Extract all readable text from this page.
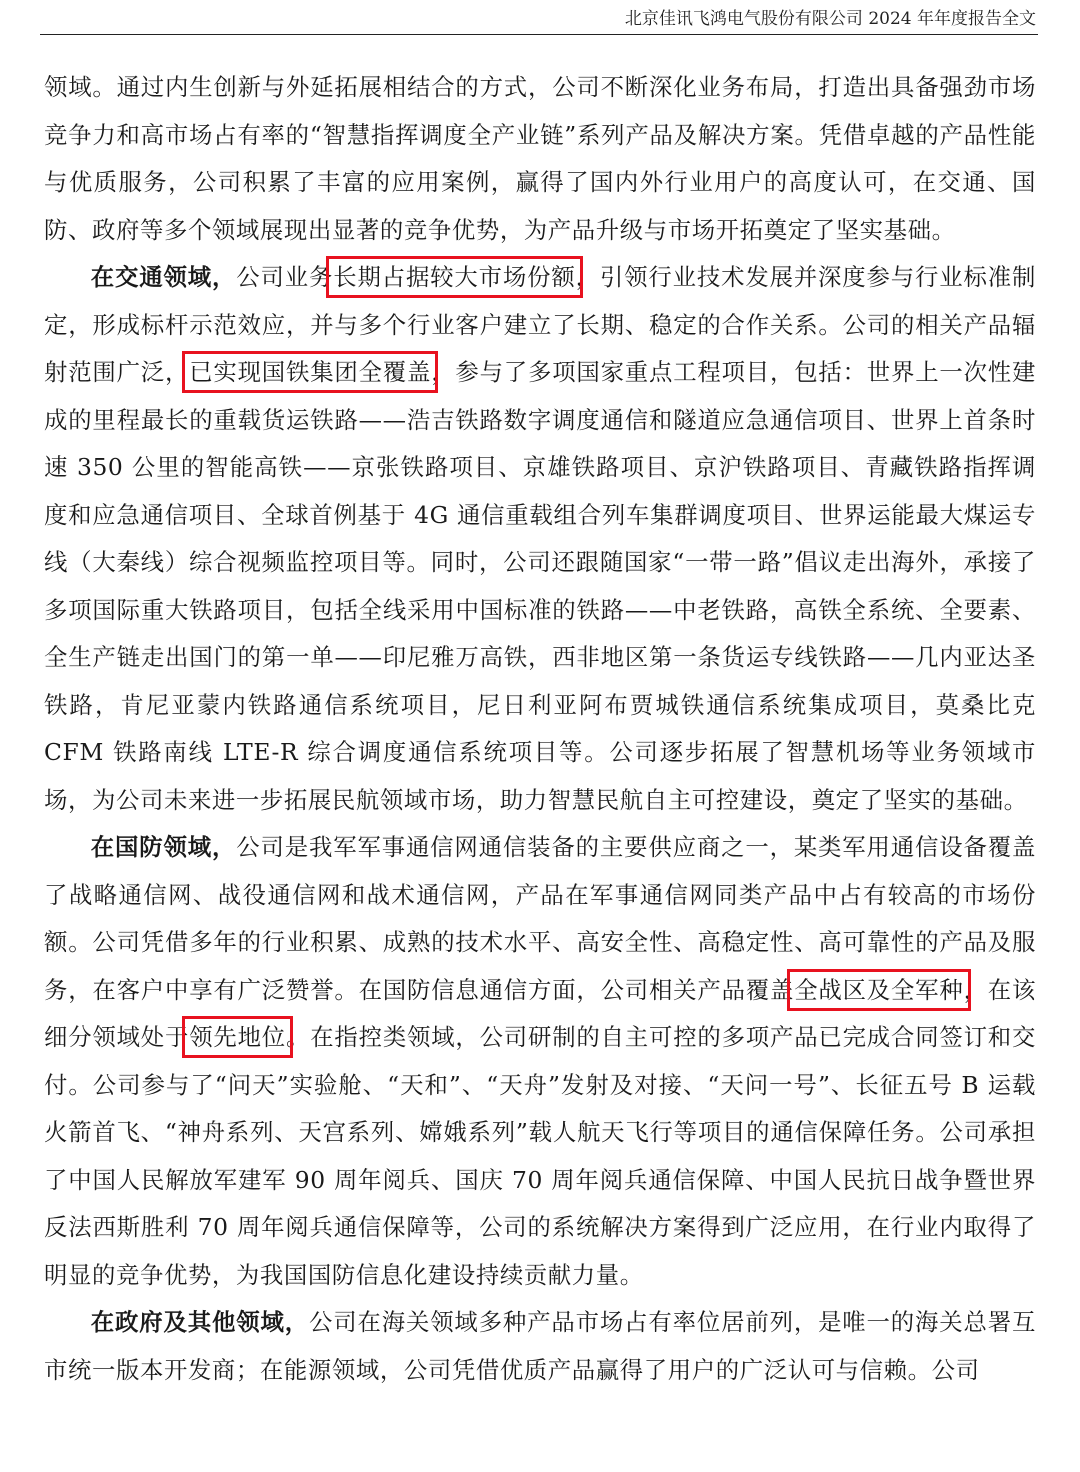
北京佳讯飞鸿电气股份有限公司 2024 年年度报告全文

领域。通过内生创新与外延拓展相结合的方式，公司不断深化业务布局，打造出具备强劲市场竞争力和高市场占有率的“智慧指挥调度全产业链”系列产品及解决方案。凭借卓越的产品性能与优质服务，公司积累了丰富的应用案例，赢得了国内外行业用户的高度认可，在交通、国防、政府等多个领域展现出显著的竞争优势，为产品升级与市场开拓奠定了坚实基础。

在交通领域，公司业务长期占据较大市场份额，引领行业技术发展并深度参与行业标准制定，形成标杆示范效应，并与多个行业客户建立了长期、稳定的合作关系。公司的相关产品辐射范围广泛，已实现国铁集团全覆盖，参与了多项国家重点工程项目，包括：世界上一次性建成的里程最长的重载货运铁路——浩吉铁路数字调度通信和隧道应急通信项目、世界上首条时速 350 公里的智能高铁——京张铁路项目、京雄铁路项目、京沪铁路项目、青藏铁路指挥调度和应急通信项目、全球首例基于 4G 通信重载组合列车集群调度项目、世界运能最大煤运专线（大秦线）综合视频监控项目等。同时，公司还跟随国家“一带一路”倡议走出海外，承接了多项国际重大铁路项目，包括全线采用中国标准的铁路——中老铁路，高铁全系统、全要素、全生产链走出国门的第一单——印尼雅万高铁，西非地区第一条货运专线铁路——几内亚达圣铁路，肯尼亚蒙内铁路通信系统项目，尼日利亚阿布贾城铁通信系统集成项目，莫桑比克 CFM 铁路南线 LTE-R 综合调度通信系统项目等。公司逐步拓展了智慧机场等业务领域市场，为公司未来进一步拓展民航领域市场，助力智慧民航自主可控建设，奠定了坚实的基础。

在国防领域，公司是我军军事通信网通信装备的主要供应商之一，某类军用通信设备覆盖了战略通信网、战役通信网和战术通信网，产品在军事通信网同类产品中占有较高的市场份额。公司凭借多年的行业积累、成熟的技术水平、高安全性、高稳定性、高可靠性的产品及服务，在客户中享有广泛赞誉。在国防信息通信方面，公司相关产品覆盖全战区及全军种，在该细分领域处于领先地位。在指控类领域，公司研制的自主可控的多项产品已完成合同签订和交付。公司参与了“问天”实验舱、“天和”、“天舟”发射及对接、“天问一号”、长征五号 B 运载火箭首飞、“神舟系列、天宫系列、嫦娥系列”载人航天飞行等项目的通信保障任务。公司承担了中国人民解放军建军 90 周年阅兵、国庆 70 周年阅兵通信保障、中国人民抗日战争暨世界反法西斯胜利 70 周年阅兵通信保障等，公司的系统解决方案得到广泛应用，在行业内取得了明显的竞争优势，为我国国防信息化建设持续贡献力量。

在政府及其他领域，公司在海关领域多种产品市场占有率位居前列，是唯一的海关总署互市统一版本开发商；在能源领域，公司凭借优质产品赢得了用户的广泛认可与信赖。公司
